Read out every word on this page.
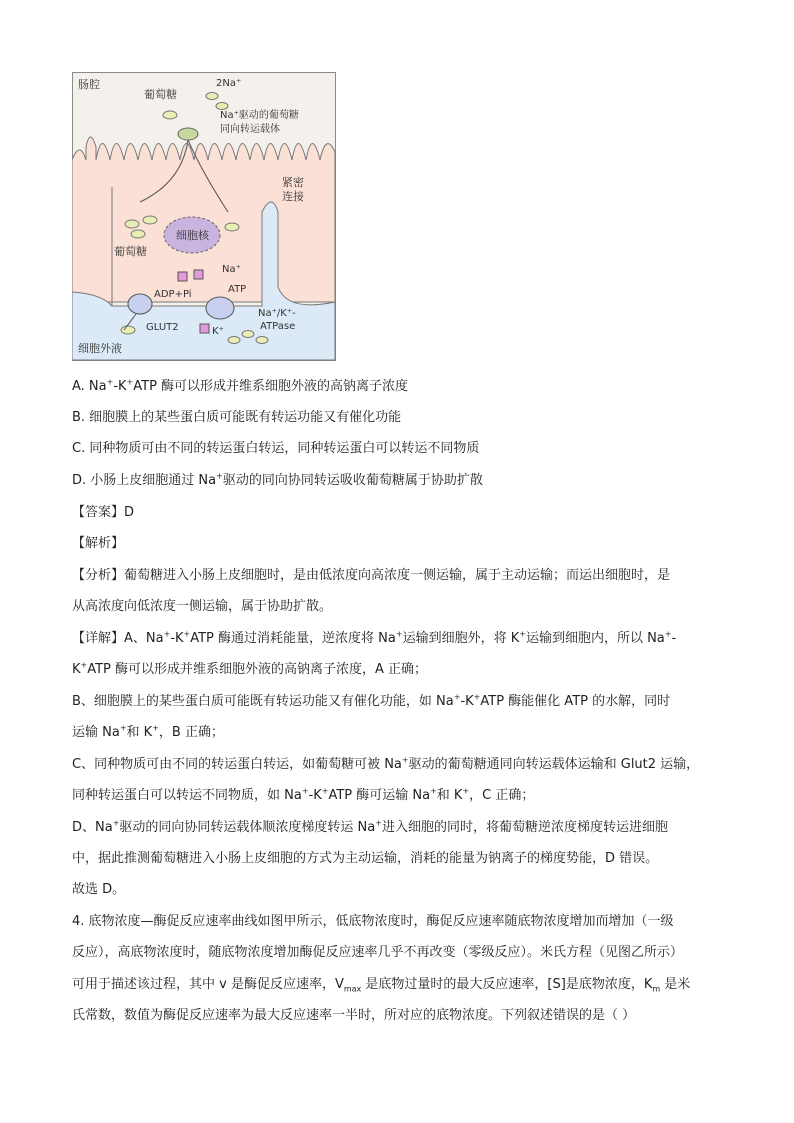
肠腔
葡萄糖
2Na⁺
Na⁺驱动的葡萄糖
同向转运载体
紧密
连接
细胞核
葡萄糖
Na⁺
ADP+Pi	ATP
GLUT2
Na⁺/K⁺-
ATPase
K⁺
细胞外液
A. Na+-K+ATP 酶可以形成并维系细胞外液的高钠离子浓度
B. 细胞膜上的某些蛋白质可能既有转运功能又有催化功能
C. 同种物质可由不同的转运蛋白转运，同种转运蛋白可以转运不同物质
D. 小肠上皮细胞通过 Na+驱动的同向协同转运吸收葡萄糖属于协助扩散
【答案】D
【解析】
【分析】葡萄糖进入小肠上皮细胞时，是由低浓度向高浓度一侧运输，属于主动运输；而运出细胞时，是
从高浓度向低浓度一侧运输，属于协助扩散。
【详解】A、Na+-K+ATP 酶通过消耗能量，逆浓度将 Na+运输到细胞外，将 K+运输到细胞内，所以 Na+-
K+ATP 酶可以形成并维系细胞外液的高钠离子浓度，A 正确；
B、细胞膜上的某些蛋白质可能既有转运功能又有催化功能，如 Na+-K+ATP 酶能催化 ATP 的水解，同时
运输 Na+和 K+，B 正确；
C、同种物质可由不同的转运蛋白转运，如葡萄糖可被 Na+驱动的葡萄糖通同向转运载体运输和 Glut2 运输，
同种转运蛋白可以转运不同物质，如 Na+-K+ATP 酶可运输 Na+和 K+，C 正确；
D、Na+驱动的同向协同转运载体顺浓度梯度转运 Na+进入细胞的同时，将葡萄糖逆浓度梯度转运进细胞
中，据此推测葡萄糖进入小肠上皮细胞的方式为主动运输，消耗的能量为钠离子的梯度势能，D 错误。
故选 D。
4. 底物浓度—酶促反应速率曲线如图甲所示，低底物浓度时，酶促反应速率随底物浓度增加而增加（一级
反应），高底物浓度时，随底物浓度增加酶促反应速率几乎不再改变（零级反应）。米氏方程（见图乙所示）
可用于描述该过程，其中 v 是酶促反应速率，$V_{max}$ 是底物过量时的最大反应速率，[S]是底物浓度，$K_m$ 是米
氏常数，数值为酶促反应速率为最大反应速率一半时，所对应的底物浓度。下列叙述错误的是（ ）
